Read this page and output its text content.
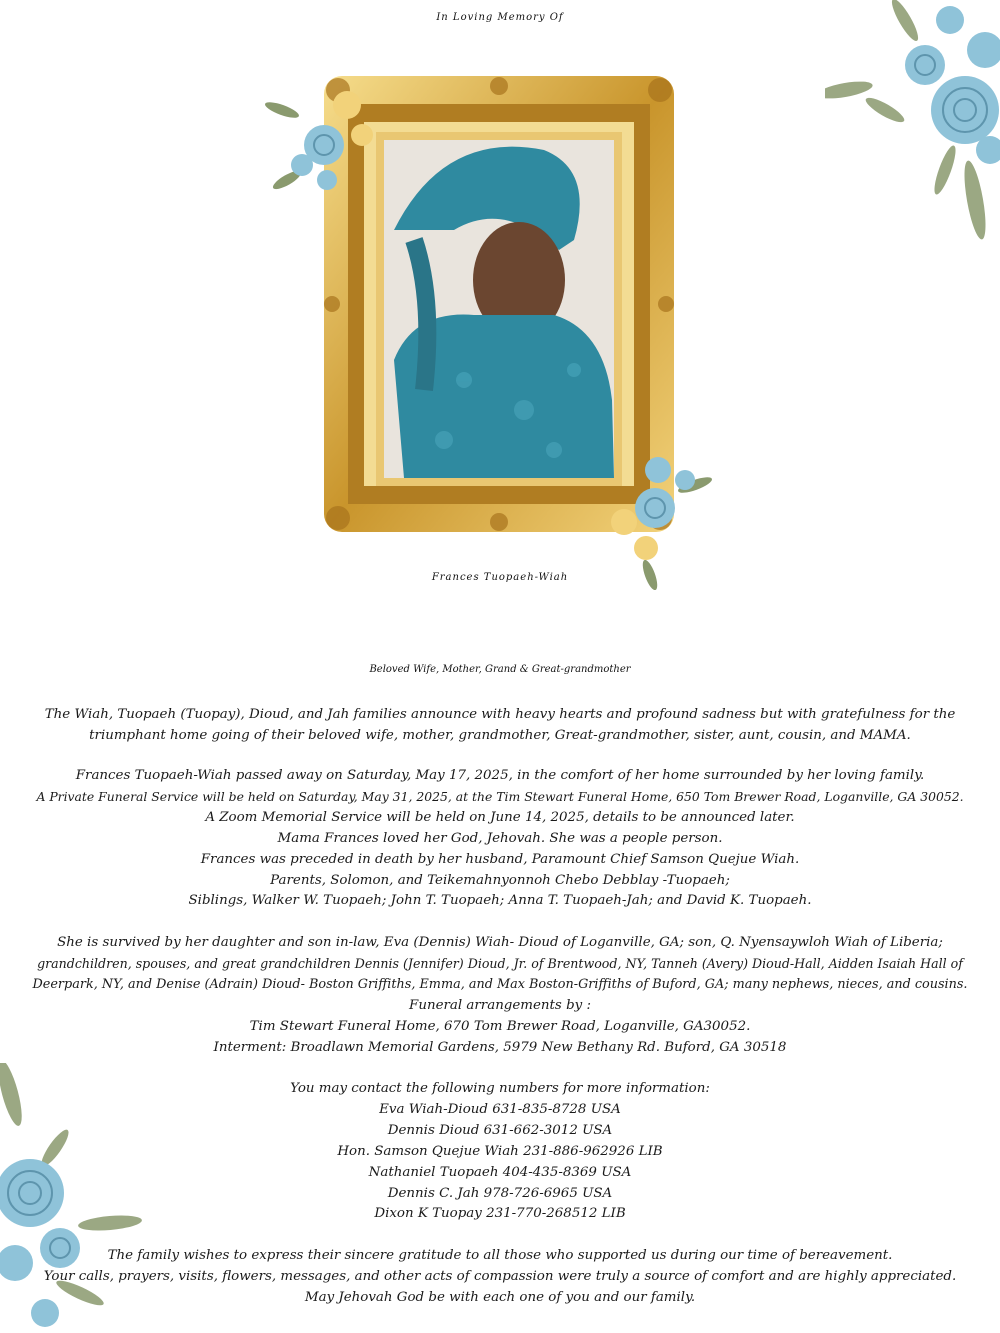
In Loving Memory Of
Frances Tuopaeh-Wiah
Beloved Wife, Mother, Grand & Great-grandmother

The Wiah, Tuopaeh (Tuopay), Dioud, and Jah families announce with heavy hearts and profound sadness but with gratefulness for the

triumphant home going of their beloved wife, mother, grandmother, Great-grandmother, sister, aunt, cousin, and MAMA.

Frances Tuopaeh-Wiah passed away on Saturday, May 17, 2025, in the comfort of her home surrounded by her loving family.

A Private Funeral Service will be held on Saturday, May 31, 2025, at the Tim Stewart Funeral Home, 650 Tom Brewer Road, Loganville, GA 30052.

A Zoom Memorial Service will be held on June 14, 2025, details to be announced later.

Mama Frances loved her God, Jehovah. She was a people person.

Frances was preceded in death by her husband, Paramount Chief Samson Quejue Wiah.

Parents, Solomon, and Teikemahnyonnoh Chebo Debblay -Tuopaeh;

Siblings, Walker W. Tuopaeh; John T. Tuopaeh; Anna T. Tuopaeh-Jah; and David K. Tuopaeh.

She is survived by her daughter and son in-law, Eva (Dennis) Wiah- Dioud of Loganville, GA; son, Q. Nyensaywloh Wiah of Liberia;

grandchildren, spouses, and great grandchildren Dennis (Jennifer) Dioud, Jr. of Brentwood, NY, Tanneh (Avery) Dioud-Hall, Aidden Isaiah Hall of

Deerpark, NY, and Denise (Adrain) Dioud- Boston Griffiths, Emma, and Max Boston-Griffiths of Buford, GA; many nephews, nieces, and cousins.

Funeral arrangements by :

Tim Stewart Funeral Home, 670 Tom Brewer Road, Loganville, GA30052.

Interment: Broadlawn Memorial Gardens, 5979 New Bethany Rd. Buford, GA 30518

You may contact the following numbers for more information:

Eva Wiah-Dioud 631-835-8728 USA

Dennis Dioud 631-662-3012 USA

Hon. Samson Quejue Wiah 231-886-962926 LIB

Nathaniel Tuopaeh 404-435-8369 USA

Dennis C. Jah 978-726-6965 USA

Dixon K Tuopay 231-770-268512 LIB

The family wishes to express their sincere gratitude to all those who supported us during our time of bereavement.

Your calls, prayers, visits, flowers, messages, and other acts of compassion were truly a source of comfort and are highly appreciated.

May Jehovah God be with each one of you and our family.
